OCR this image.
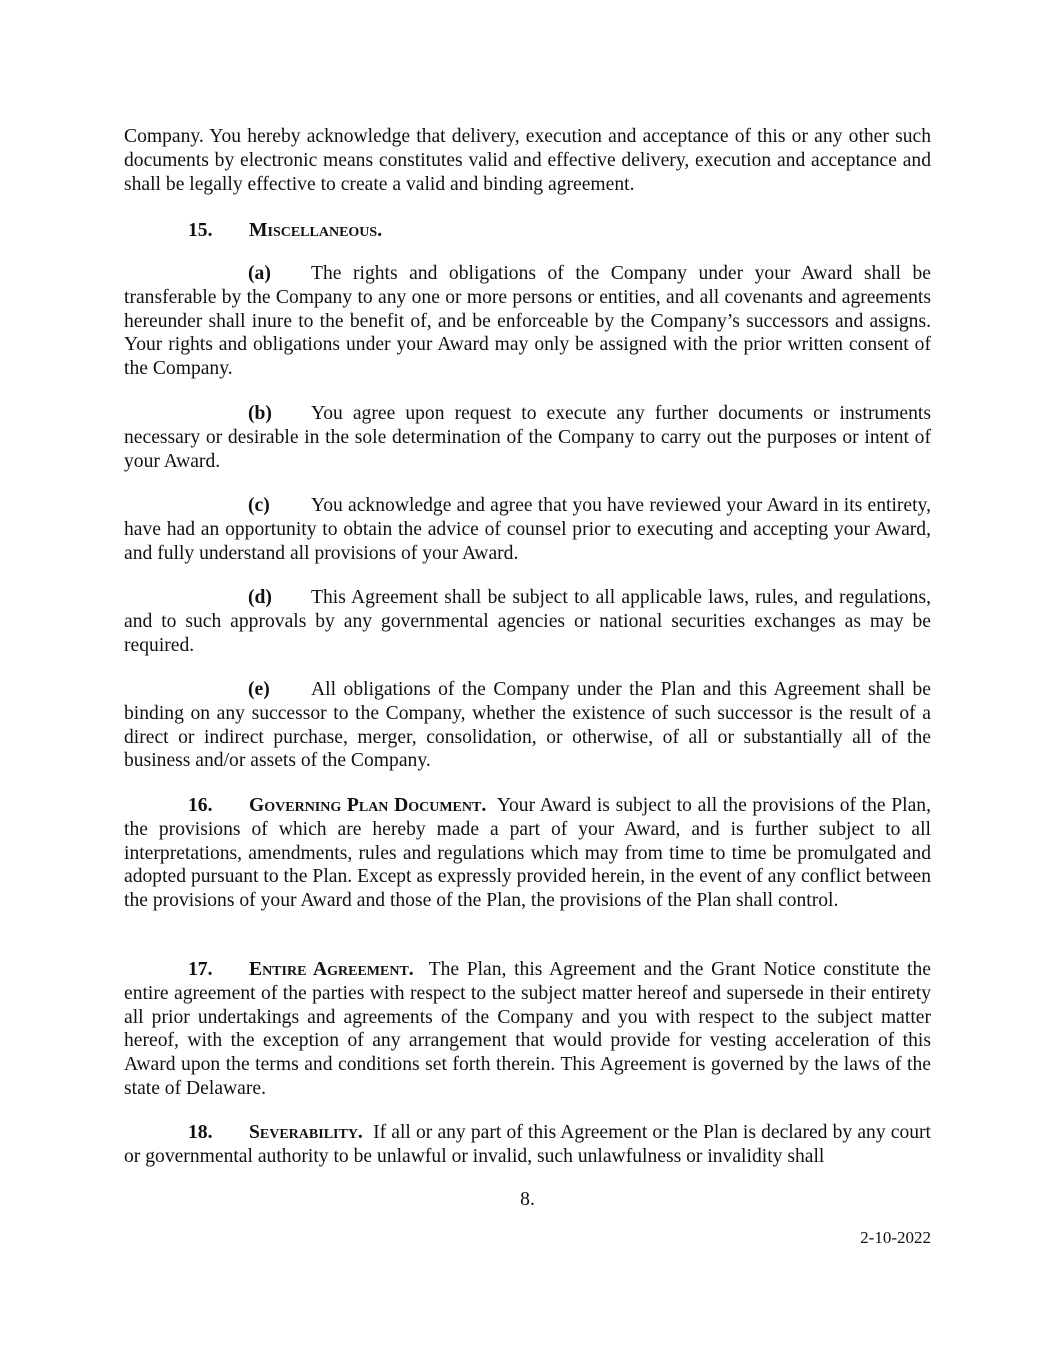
Company. You hereby acknowledge that delivery, execution and acceptance of this or any other such documents by electronic means constitutes valid and effective delivery, execution and acceptance and shall be legally effective to create a valid and binding agreement.

15. Miscellaneous.

(a) The rights and obligations of the Company under your Award shall be transferable by the Company to any one or more persons or entities, and all covenants and agreements hereunder shall inure to the benefit of, and be enforceable by the Company’s successors and assigns. Your rights and obligations under your Award may only be assigned with the prior written consent of the Company.

(b) You agree upon request to execute any further documents or instruments necessary or desirable in the sole determination of the Company to carry out the purposes or intent of your Award.

(c) You acknowledge and agree that you have reviewed your Award in its entirety, have had an opportunity to obtain the advice of counsel prior to executing and accepting your Award, and fully understand all provisions of your Award.

(d) This Agreement shall be subject to all applicable laws, rules, and regulations, and to such approvals by any governmental agencies or national securities exchanges as may be required.

(e) All obligations of the Company under the Plan and this Agreement shall be binding on any successor to the Company, whether the existence of such successor is the result of a direct or indirect purchase, merger, consolidation, or otherwise, of all or substantially all of the business and/or assets of the Company.

16. Governing Plan Document. Your Award is subject to all the provisions of the Plan, the provisions of which are hereby made a part of your Award, and is further subject to all interpretations, amendments, rules and regulations which may from time to time be promulgated and adopted pursuant to the Plan. Except as expressly provided herein, in the event of any conflict between the provisions of your Award and those of the Plan, the provisions of the Plan shall control.

17. Entire Agreement. The Plan, this Agreement and the Grant Notice constitute the entire agreement of the parties with respect to the subject matter hereof and supersede in their entirety all prior undertakings and agreements of the Company and you with respect to the subject matter hereof, with the exception of any arrangement that would provide for vesting acceleration of this Award upon the terms and conditions set forth therein. This Agreement is governed by the laws of the state of Delaware.

18. Severability. If all or any part of this Agreement or the Plan is declared by any court or governmental authority to be unlawful or invalid, such unlawfulness or invalidity shall

8.
2-10-2022
